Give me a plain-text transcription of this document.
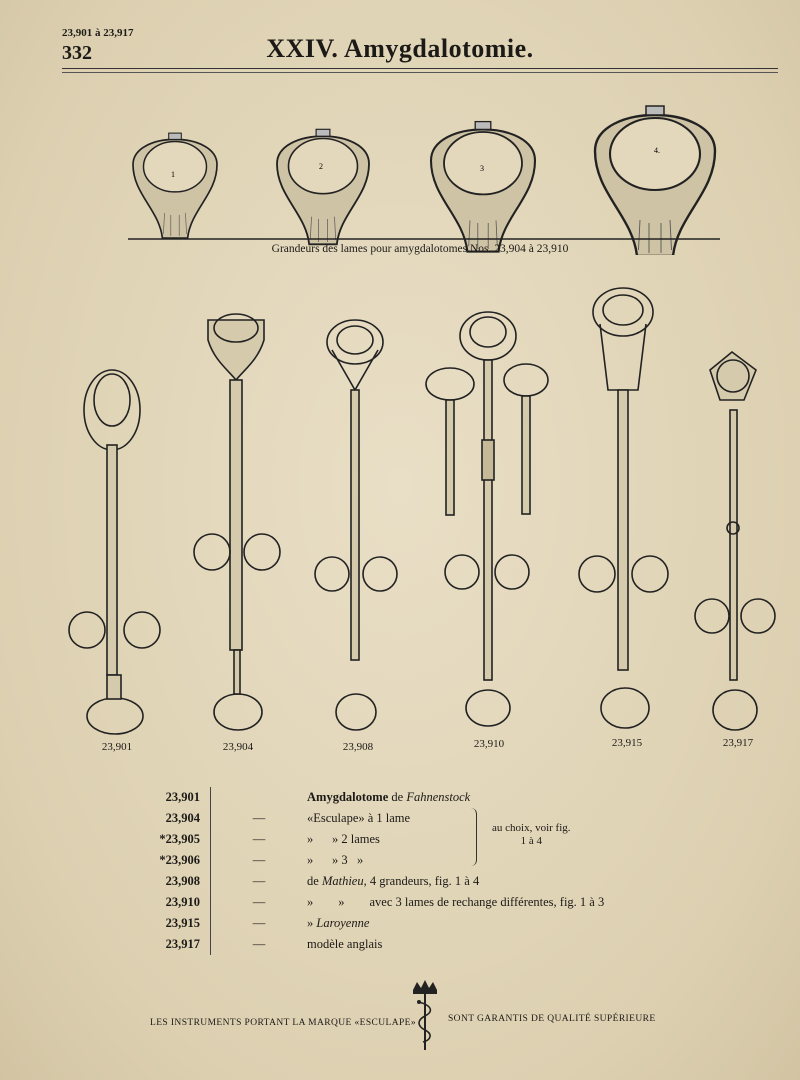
23,901 à 23,917
332	XXIV. Amygdalotomie.
1
2	3
4.
Grandeurs des lames pour amygdalotomes Nos. 23,904 à 23,910
23,901	23,904	23,908	23,910	23,915	23,917
23,901		Amygdalotome de Fahnenstock
23,904	—	«Esculape» à 1 lame
*23,905	—	»      » 2 lames
*23,906	—	»      » 3   »
23,908	—	de Mathieu, 4 grandeurs, fig. 1 à 4
23,910	—	»        »        avec 3 lames de rechange différentes, fig. 1 à 3
23,915	—	» Laroyenne
23,917	—	modèle anglais
au choix, voir fig.
1 à 4
LES INSTRUMENTS PORTANT LA MARQUE «ESCULAPE»	SONT GARANTIS DE QUALITÉ SUPÉRIEURE
